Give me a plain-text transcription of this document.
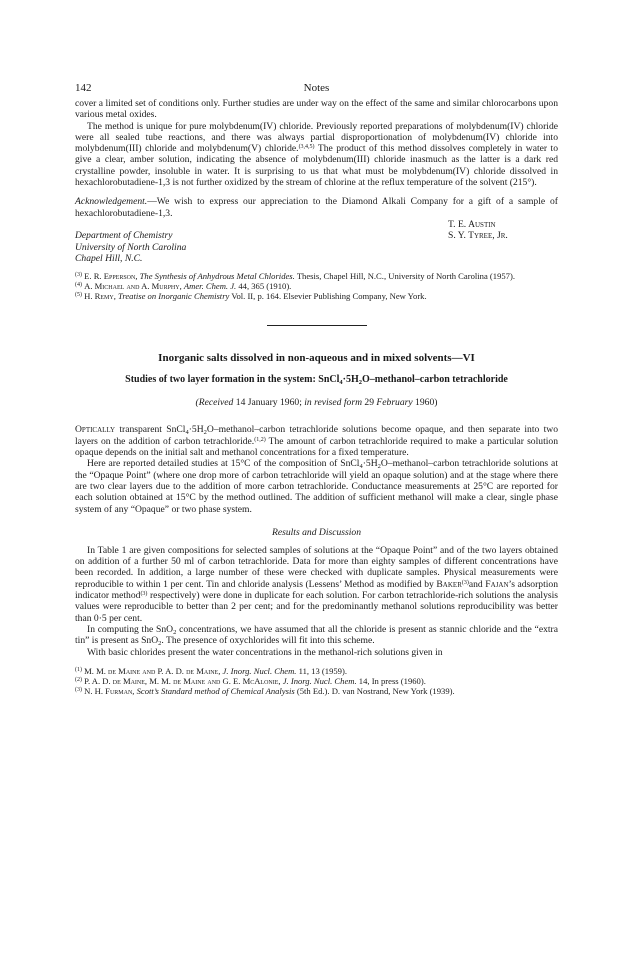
142	Notes

cover a limited set of conditions only. Further studies are under way on the effect of the same and similar chlorocarbons upon various metal oxides.

The method is unique for pure molybdenum(IV) chloride. Previously reported preparations of molybdenum(IV) chloride were all sealed tube reactions, and there was always partial disproportionation of molybdenum(IV) chloride into molybdenum(III) chloride and molybdenum(V) chloride.$^{(3,4,5)}$ The product of this method dissolves completely in water to give a clear, amber solution, indicating the absence of molybdenum(III) chloride inasmuch as the latter is a dark red crystalline powder, insoluble in water. It is surprising to us that what must be molybdenum(IV) chloride dissolved in hexachlorobutadiene-1,3 is not further oxidized by the stream of chlorine at the reflux temperature of the solvent (215°).

Acknowledgement.—We wish to express our appreciation to the Diamond Alkali Company for a gift of a sample of hexachlorobutadiene-1,3.

T. E. Austin
Department of Chemistry	S. Y. Tyree, Jr.
University of North Carolina
Chapel Hill, N.C.

$^{(3)}$ E. R. Epperson, The Synthesis of Anhydrous Metal Chlorides. Thesis, Chapel Hill, N.C., University of North Carolina (1957).

$^{(4)}$ A. Michael and A. Murphy, Amer. Chem. J. 44, 365 (1910).

$^{(5)}$ H. Remy, Treatise on Inorganic Chemistry Vol. II, p. 164. Elsevier Publishing Company, New York.

Inorganic salts dissolved in non-aqueous and in mixed solvents—VI
Studies of two layer formation in the system: $SnCl_4\cdot 5H_2O-methanol$–carbon tetrachloride
(Received 14 January 1960; in revised form 29 February 1960)

Optically transparent $SnCl_4\cdot 5H_2O-methanol$–carbon tetrachloride solutions become opaque, and then separate into two layers on the addition of carbon tetrachloride.$^{(1,2)}$ The amount of carbon tetrachloride required to make a particular solution opaque depends on the initial salt and methanol concentrations for a fixed temperature.

Here are reported detailed studies at 15°C of the composition of $SnCl_4\cdot 5H_2O-methanol$–carbon tetrachloride solutions at the “Opaque Point” (where one drop more of carbon tetrachloride will yield an opaque solution) and at the stage where there are two clear layers due to the addition of more carbon tetrachloride. Conductance measurements at 25°C are reported for each solution obtained at 15°C by the method outlined. The addition of sufficient methanol will make a clear, single phase system of any “Opaque” or two phase system.

Results and Discussion

In Table 1 are given compositions for selected samples of solutions at the “Opaque Point” and of the two layers obtained on addition of a further 50 ml of carbon tetrachloride. Data for more than eighty samples of different concentrations have been recorded. In addition, a large number of these were checked with duplicate samples. Physical measurements were reproducible to within 1 per cent. Tin and chloride analysis (Lessens’ Method as modified by Baker$^{(3)}$and Fajan’s adsorption indicator method$^{(3)}$ respectively) were done in duplicate for each solution. For carbon tetrachloride-rich solutions the analysis values were reproducible to better than 2 per cent; and for the predominantly methanol solutions reproducibility was better than 0·5 per cent.

In computing the SnO$_2$ concentrations, we have assumed that all the chloride is present as stannic chloride and the “extra tin” is present as SnO$_2$. The presence of oxychlorides will fit into this scheme.

With basic chlorides present the water concentrations in the methanol-rich solutions given in

$^{(1)}$ M. M. de Maine and P. A. D. de Maine, J. Inorg. Nucl. Chem. 11, 13 (1959).

$^{(2)}$ P. A. D. de Maine, M. M. de Maine and G. E. McAlonie, J. Inorg. Nucl. Chem. 14, In press (1960).

$^{(3)}$ N. H. Furman, Scott’s Standard method of Chemical Analysis (5th Ed.). D. van Nostrand, New York (1939).
